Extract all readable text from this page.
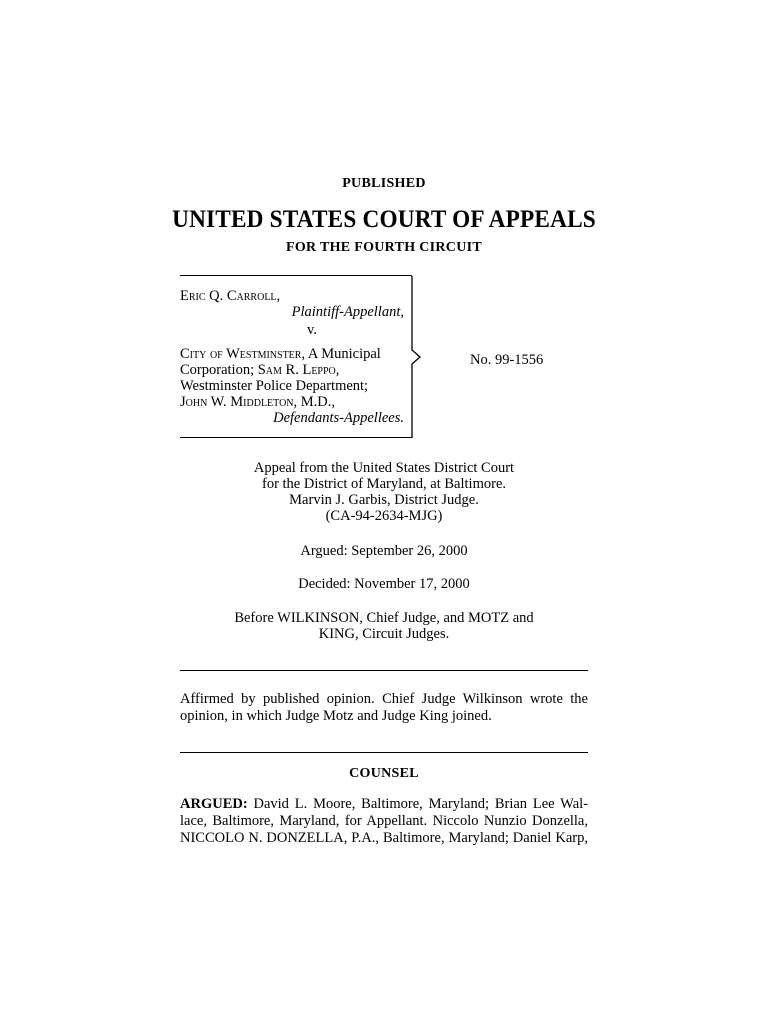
PUBLISHED
UNITED STATES COURT OF APPEALS
FOR THE FOURTH CIRCUIT
Eric Q. Carroll,
Plaintiff-Appellant,
v.
City of Westminster, A Municipal
Corporation; Sam R. Leppo,
Westminster Police Department;
John W. Middleton, M.D.,
Defendants-Appellees.
No. 99-1556
Appeal from the United States District Court
for the District of Maryland, at Baltimore.
Marvin J. Garbis, District Judge.
(CA-94-2634-MJG)
Argued: September 26, 2000
Decided: November 17, 2000
Before WILKINSON, Chief Judge, and MOTZ and
KING, Circuit Judges.
Affirmed by published opinion. Chief Judge Wilkinson wrote the
opinion, in which Judge Motz and Judge King joined.
COUNSEL
ARGUED: David L. Moore, Baltimore, Maryland; Brian Lee Wal-
lace, Baltimore, Maryland, for Appellant. Niccolo Nunzio Donzella,
NICCOLO N. DONZELLA, P.A., Baltimore, Maryland; Daniel Karp,
